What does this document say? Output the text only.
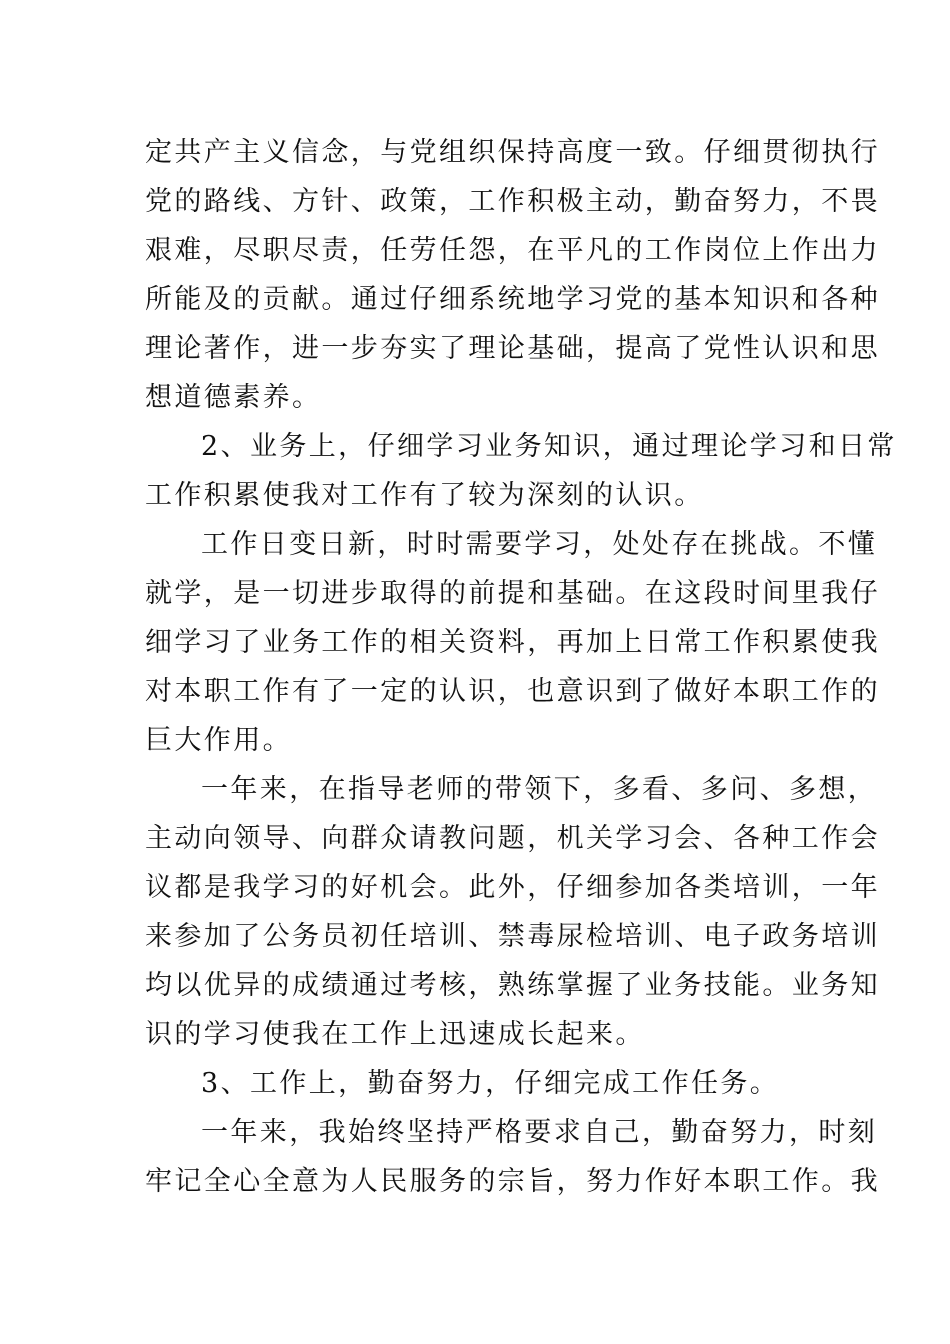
定共产主义信念，与党组织保持高度一致。仔细贯彻执行
党的路线、方针、政策，工作积极主动，勤奋努力，不畏
艰难，尽职尽责，任劳任怨，在平凡的工作岗位上作出力
所能及的贡献。通过仔细系统地学习党的基本知识和各种
理论著作，进一步夯实了理论基础，提高了党性认识和思
想道德素养。

2、业务上，仔细学习业务知识，通过理论学习和日常
工作积累使我对工作有了较为深刻的认识。

工作日变日新，时时需要学习，处处存在挑战。不懂
就学，是一切进步取得的前提和基础。在这段时间里我仔
细学习了业务工作的相关资料，再加上日常工作积累使我
对本职工作有了一定的认识，也意识到了做好本职工作的
巨大作用。

一年来，在指导老师的带领下，多看、多问、多想，
主动向领导、向群众请教问题，机关学习会、各种工作会
议都是我学习的好机会。此外，仔细参加各类培训，一年
来参加了公务员初任培训、禁毒尿检培训、电子政务培训
均以优异的成绩通过考核，熟练掌握了业务技能。业务知
识的学习使我在工作上迅速成长起来。

3、工作上，勤奋努力，仔细完成工作任务。

一年来，我始终坚持严格要求自己，勤奋努力，时刻
牢记全心全意为人民服务的宗旨，努力作好本职工作。我
